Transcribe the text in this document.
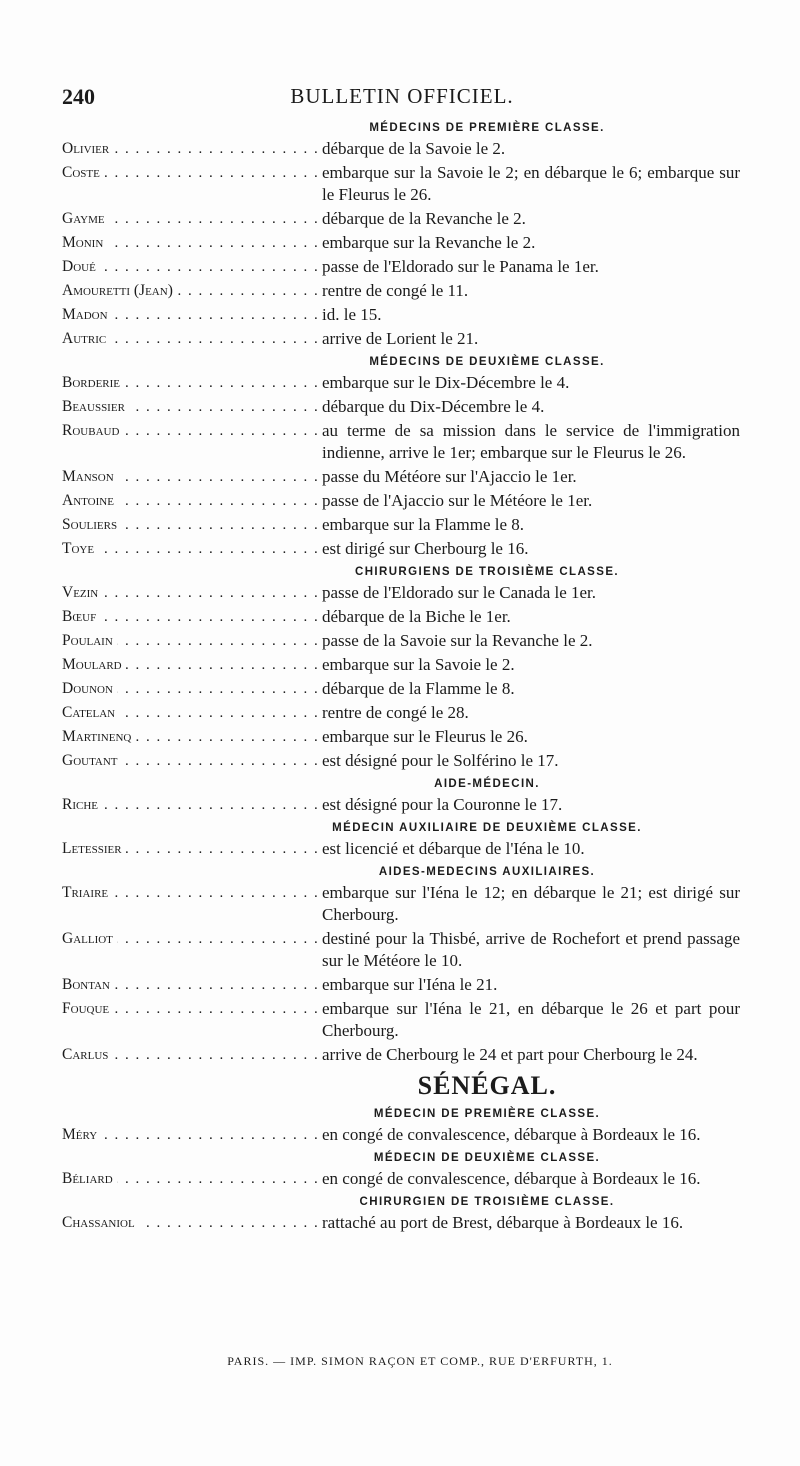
240	BULLETIN OFFICIEL.
MÉDECINS DE PREMIÈRE CLASSE.
Olivier . . .	débarque de la Savoie le 2.
Coste . . .	embarque sur la Savoie le 2; en débarque le 6; embarque sur le Fleurus le 26.
Gayme . . .	débarque de la Revanche le 2.
Monin . . .	embarque sur la Revanche le 2.
Doué . . .	passe de l'Eldorado sur le Panama le 1er.
Amouretti (Jean) . . .	rentre de congé le 11.
Madon . . .	id. le 15.
Autric . . .	arrive de Lorient le 21.
MÉDECINS DE DEUXIÈME CLASSE.
Borderie . . .	embarque sur le Dix-Décembre le 4.
Beaussier . . .	débarque du Dix-Décembre le 4.
Roubaud . . .	au terme de sa mission dans le service de l'immigration indienne, arrive le 1er; embarque sur le Fleurus le 26.
Manson . . .	passe du Météore sur l'Ajaccio le 1er.
Antoine . . .	passe de l'Ajaccio sur le Météore le 1er.
Souliers . . .	embarque sur la Flamme le 8.
Toye . . .	est dirigé sur Cherbourg le 16.
CHIRURGIENS DE TROISIÈME CLASSE.
Vezin . . .	passe de l'Eldorado sur le Canada le 1er.
Bœuf . . .	débarque de la Biche le 1er.
Poulain . . .	passe de la Savoie sur la Revanche le 2.
Moulard . . .	embarque sur la Savoie le 2.
Dounon . . .	débarque de la Flamme le 8.
Catelan . . .	rentre de congé le 28.
Martinenq . . .	embarque sur le Fleurus le 26.
Goutant . . .	est désigné pour le Solférino le 17.
AIDE-MÉDECIN.
Riche . . .	est désigné pour la Couronne le 17.
MÉDECIN AUXILIAIRE DE DEUXIÈME CLASSE.
Letessier . . .	est licencié et débarque de l'Iéna le 10.
AIDES-MEDECINS AUXILIAIRES.
Triaire . . .	embarque sur l'Iéna le 12; en débarque le 21; est dirigé sur Cherbourg.
Galliot . . .	destiné pour la Thisbé, arrive de Rochefort et prend passage sur le Météore le 10.
Bontan . . .	embarque sur l'Iéna le 21.
Fouque . . .	embarque sur l'Iéna le 21, en débarque le 26 et part pour Cherbourg.
Carlus . . .	arrive de Cherbourg le 24 et part pour Cherbourg le 24.
SÉNÉGAL.
MÉDECIN DE PREMIÈRE CLASSE.
Méry . . .	en congé de convalescence, débarque à Bordeaux le 16.
MÉDECIN DE DEUXIÈME CLASSE.
Béliard . . .	en congé de convalescence, débarque à Bordeaux le 16.
CHIRURGIEN DE TROISIÈME CLASSE.
Chassaniol . . .	rattaché au port de Brest, débarque à Bordeaux le 16.
PARIS. — IMP. SIMON RAÇON ET COMP., RUE D'ERFURTH, 1.
